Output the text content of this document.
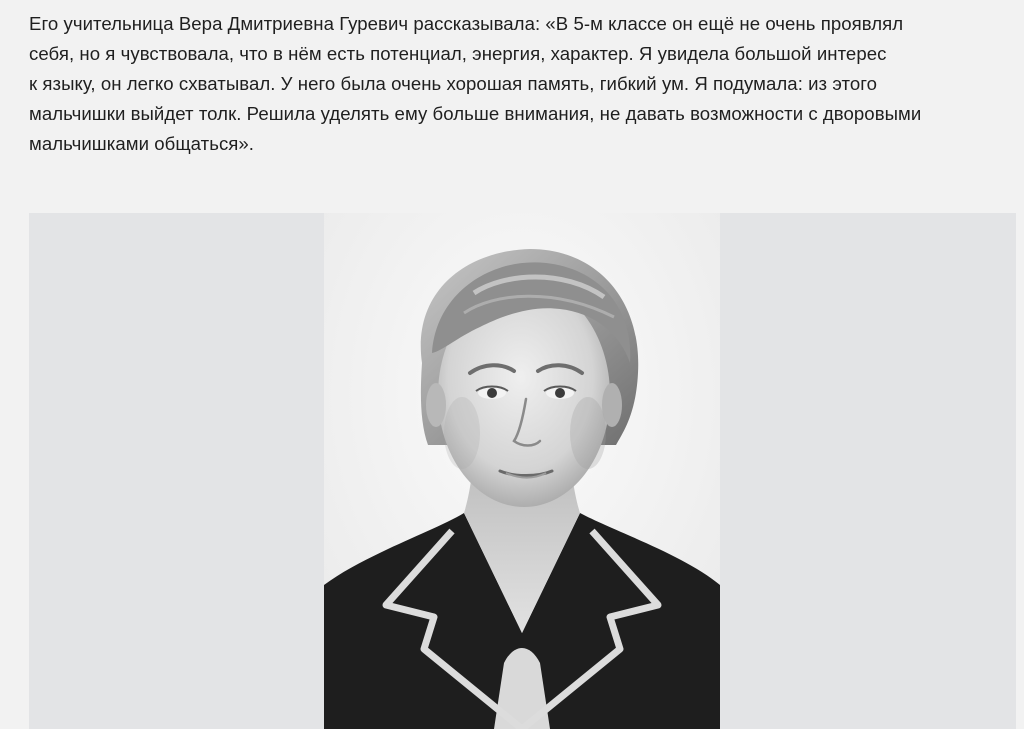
Его учительница Вера Дмитриевна Гуревич рассказывала: «В 5-м классе он ещё не очень проявлял
себя, но я чувствовала, что в нём есть потенциал, энергия, характер. Я увидела большой интерес
к языку, он легко схватывал. У него была очень хорошая память, гибкий ум. Я подумала: из этого
мальчишки выйдет толк. Решила уделять ему больше внимания, не давать возможности с дворовыми
мальчишками общаться».
